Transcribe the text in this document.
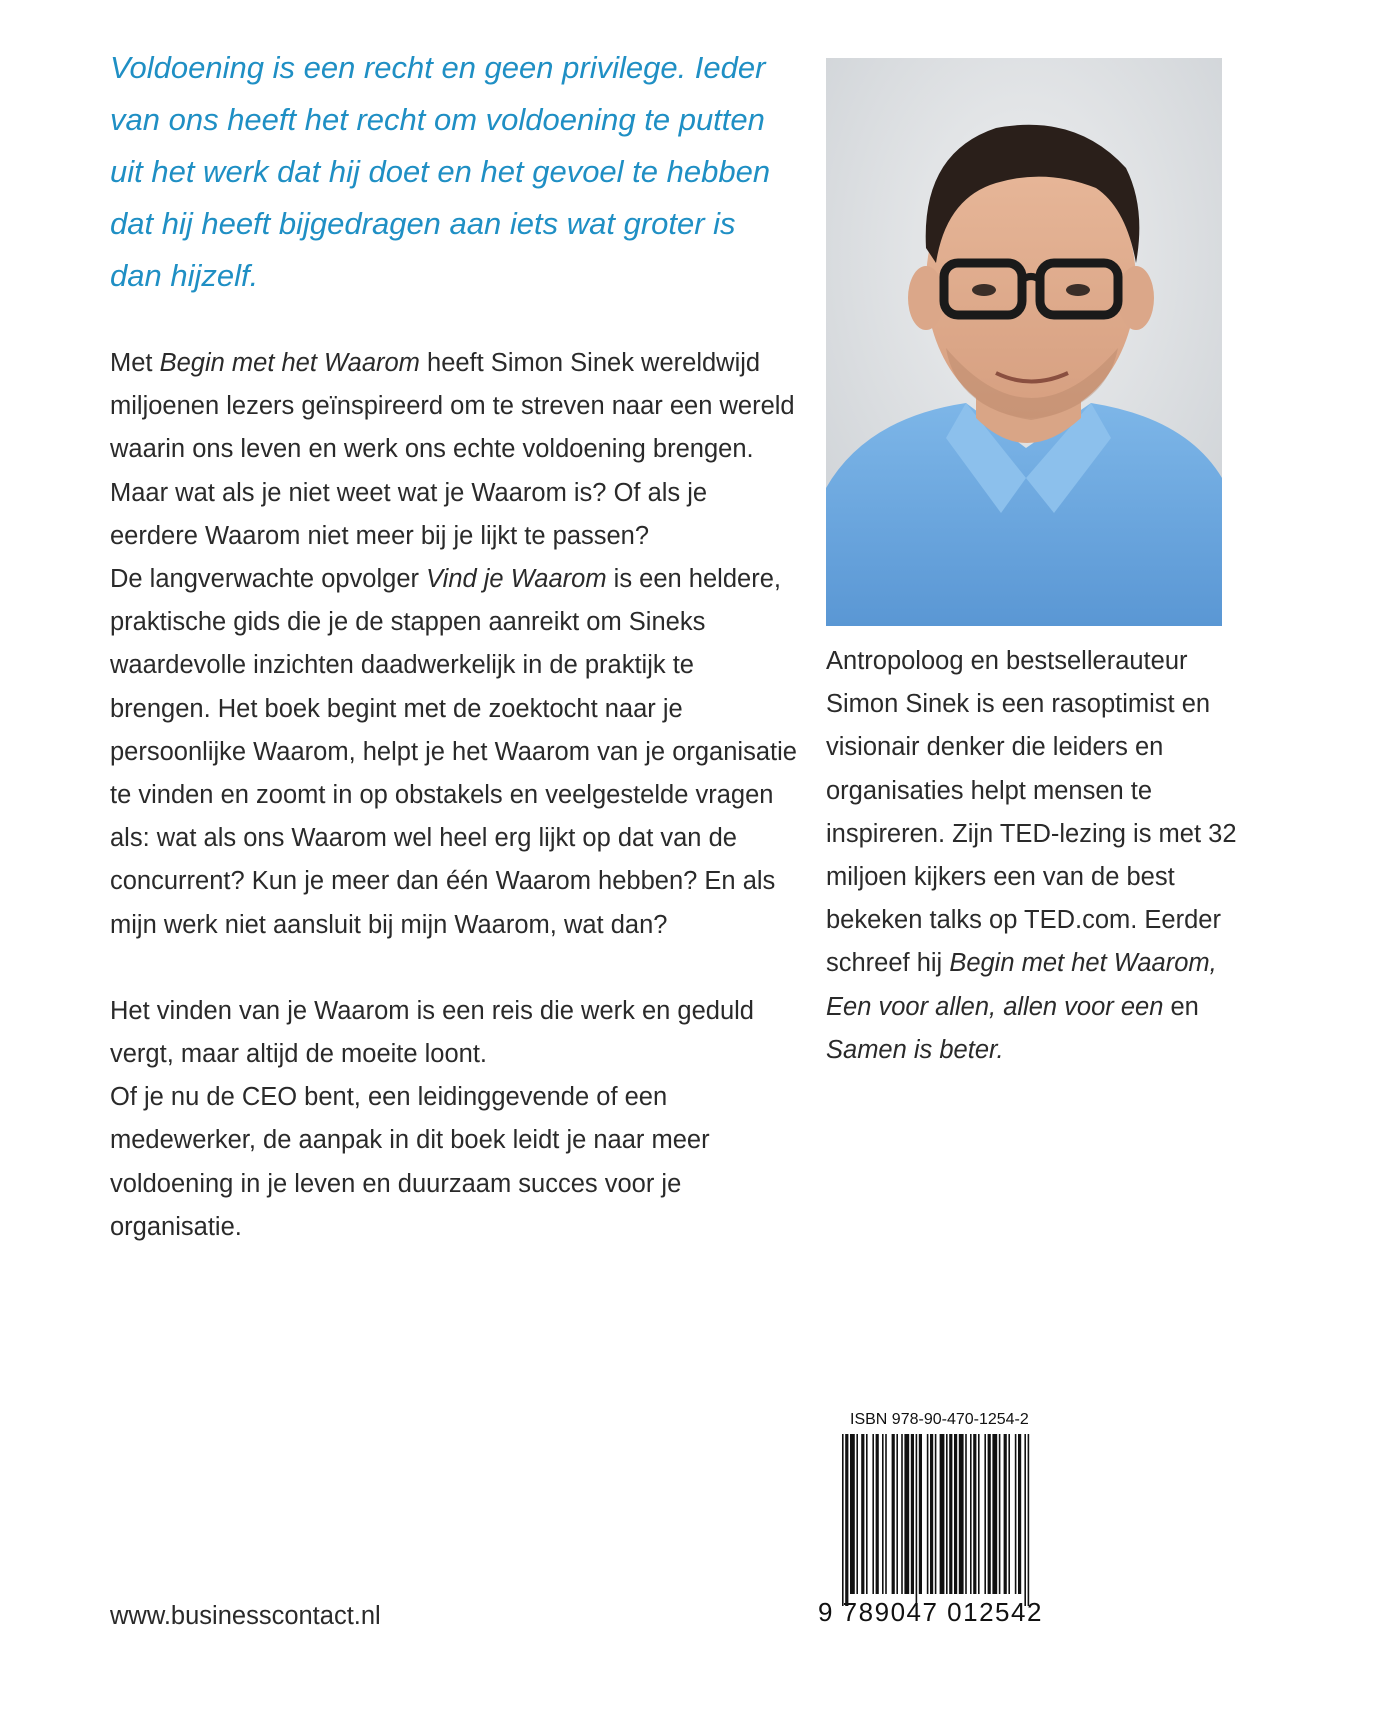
Voldoening is een recht en geen privilege. Ieder
van ons heeft het recht om voldoening te putten
uit het werk dat hij doet en het gevoel te hebben
dat hij heeft bijgedragen aan iets wat groter is
dan hijzelf.

Met Begin met het Waarom heeft Simon Sinek wereldwijd miljoenen lezers geïnspireerd om te streven naar een wereld waarin ons leven en werk ons echte voldoening brengen. Maar wat als je niet weet wat je Waarom is? Of als je eerdere Waarom niet meer bij je lijkt te passen?

De langverwachte opvolger Vind je Waarom is een heldere, praktische gids die je de stappen aanreikt om Sineks waardevolle inzichten daadwerkelijk in de praktijk te brengen. Het boek begint met de zoektocht naar je persoonlijke Waarom, helpt je het Waarom van je organisatie te vinden en zoomt in op obstakels en veelgestelde vragen als: wat als ons Waarom wel heel erg lijkt op dat van de concurrent? Kun je meer dan één Waarom hebben? En als mijn werk niet aansluit bij mijn Waarom, wat dan?

Het vinden van je Waarom is een reis die werk en geduld vergt, maar altijd de moeite loont.

Of je nu de CEO bent, een leidinggevende of een medewerker, de aanpak in dit boek leidt je naar meer voldoening in je leven en duurzaam succes voor je organisatie.

Antropoloog en bestsellerauteur Simon Sinek is een rasoptimist en visionair denker die leiders en organisaties helpt mensen te inspireren. Zijn TED-lezing is met 32 miljoen kijkers een van de best bekeken talks op TED.com. Eerder schreef hij Begin met het Waarom, Een voor allen, allen voor een en Samen is beter.

www.businesscontact.nl
ISBN 978-90-470-1254-2
9 789047 012542
